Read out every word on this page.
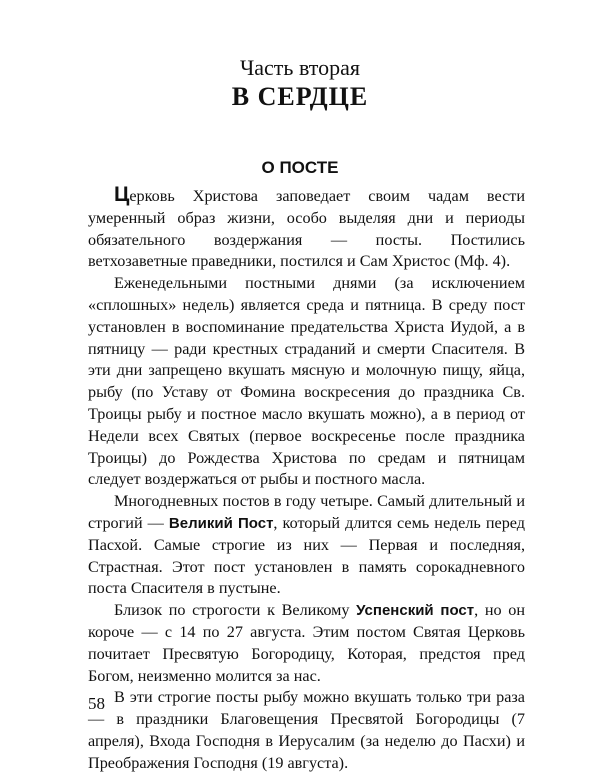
Часть вторая
В СЕРДЦЕ
О ПОСТЕ

Церковь Христова заповедает своим чадам вести умеренный образ жизни, особо выделяя дни и периоды обязательного воздержания — посты. Постились ветхозаветные праведники, постился и Сам Христос (Мф. 4).

Еженедельными постными днями (за исключением «сплошных» недель) является среда и пятница. В среду пост установлен в воспоминание предательства Христа Иудой, а в пятницу — ради крестных страданий и смерти Спасителя. В эти дни запрещено вкушать мясную и молочную пищу, яйца, рыбу (по Уставу от Фомина воскресения до праздника Св. Троицы рыбу и постное масло вкушать можно), а в период от Недели всех Святых (первое воскресенье после праздника Троицы) до Рождества Христова по средам и пятницам следует воздержаться от рыбы и постного масла.

Многодневных постов в году четыре. Самый длительный и строгий — Великий Пост, который длится семь недель перед Пасхой. Самые строгие из них — Первая и последняя, Страстная. Этот пост установлен в память сорокадневного поста Спасителя в пустыне.

Близок по строгости к Великому Успенский пост, но он короче — с 14 по 27 августа. Этим постом Святая Церковь почитает Пресвятую Богородицу, Которая, предстоя пред Богом, неизменно молится за нас.

В эти строгие посты рыбу можно вкушать только три раза — в праздники Благовещения Пресвятой Богородицы (7 апреля), Входа Господня в Иерусалим (за неделю до Пасхи) и Преображения Господня (19 августа).

58
